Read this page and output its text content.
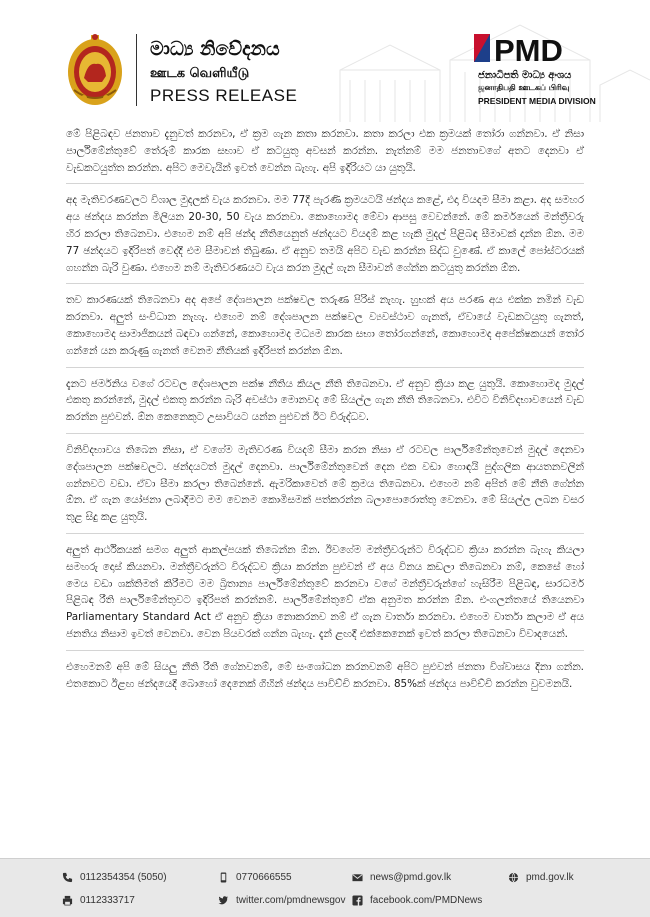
මාධ්‍ය නිවේදනය
ஊடக வெளியீடு
PRESS RELEASE
PMD
ජනාධිපති මාධ්‍ය අංශය
ஜனாதிபதி ஊடகப் பிரிவு
PRESIDENT MEDIA DIVISION

මේ පිළිබඳව ජනතාව දැනුවත් කරනවා, ඒ ක්‍රම ගැන කතා කරනවා. කතා කරලා එක ක්‍රමයක් තෝරා ගන්නවා. ඒ නිසා පාර්ලිමේන්තුවේ තේරුම් කාරක සභාව ඒ කටයුතු අවසන් කරන්න. නැත්නම් මම ජනතාවගේ අතට දෙනවා ඒ වැඩකටයුත්ත කරන්න. අපිට මෙවැයින් ඉවත් වෙන්න බැහැ. අපි ඉදිරියට යා යුතුයි.

අද මැතිවරණවලට විශාල මුදලක් වැය කරනවා. මම 77දී පැරණි ක්‍රමයටයි ඡන්දය කළේ, එදා වියදම සීමා කළා. අද සමහර අය ඡන්දය කරන්න මිලියන 20-30, 50 වැය කරනවා. කොහොමද මේවා ආපසු වෙවන්නේ. මේ කර්මයෙන් මන්ත්‍රීවරු හිර කරලා තිබෙනවා. එහෙම නම් අපි ඡන්ද නීතියෙනුත් ඡන්දයට වියදම් කළ හැකි මුදල් පිළිබඳ සීමාවක් දාන්න ඕන. මම 77 ඡන්දයට ඉදිරිපත් වෙද්දී එම සීමාවන් තිබුණා. ඒ අනුව තමයි අපිට වැඩ කරන්න සිද්ධ වුණේ. ඒ කාලේ පෝස්ටරයක් ගහන්න බැරි වුණා. එහෙම නම් මැතිවරණයට වැය කරන මුදල් ගැන සීමාවන් ගේන්න කටයුතු කරන්න ඕන.

තව කාරණයක් තිබෙනවා අද අපේ දේශපාලන පක්ෂවල තරුණ පිරිස් නැහැ. හුභක් අය පරණ අය එක්ක නමින් වැඩ කරනවා. අලුත් සංවිධාන නැහැ. එහෙම නම් දේශපාලන පක්ෂවල ව්‍යවස්ථාව ගැනත්, ඒවායේ වැඩකටයුතු ගැනත්, කොහොමද සාමාජිකයන් බඳවා ගන්නේ, කොහොමද මධ්‍යම කාරක සභා තෝරගන්නේ, කොහොමද අපේක්ෂකයන් තෝර ගන්නේ යන කරුණු ගැනත් වෙනම නීතියක් ඉදිරිපත් කරන්න ඕන.

දැනට ජර්මනිය වගේ රටවල දේශපාලන පක්ෂ නීතිය කියල නීති තිබෙනවා. ඒ අනුව ක්‍රියා කළ යුතුයි. කොහොමද මුදල් එකතු කරන්නේ, මුදල් එකතු කරන්න බැරි අවස්ථා මොනවද මේ සියල්ල ගැන නීති තිබෙනවා. එවිට විනිවිදභාවයෙන් වැඩ කරන්න පුළුවන්. ඕන කෙනෙකුට උසාවියට යන්න පුළුවන් ඊට විරුද්ධව.

විනිවිදභාවය තිබෙන නිසා, ඒ වගේම මැතිවරණ වියදම් සීමා කරන නිසා ඒ රටවල පාර්ලිමේන්තුවෙන් මුදල් දෙනවා දේශපාලන පක්ෂවලට. ඡන්දයටත් මුදල් දෙනවා. පාර්ලිමේන්තුවෙන් දෙන එක වඩා හොඳයි පුද්ගලික ආයතනවලින් ගන්නවට වඩා. ඒවා සීමා කරලා තිබෙන්නේ. ඇමරිකාවෙත් මේ ක්‍රමය තිබෙනවා. එහෙම නම් අපිත් මේ නීති ගේන්න ඕන. ඒ ගැන යෝජනා ලබාදීමට මම වෙනම කොමිසමක් පත්කරන්න බලාපොරොත්තු වෙනවා. මේ සියල්ල ලබන වසර තුළ සිදු කළ යුතුයි.

අලුත් ආර්ථිකයක් සමග අලුත් ආකල්පයක් තිබෙන්න ඕන. ඊවගේම මන්ත්‍රීවරුන්ට විරුද්ධව ක්‍රියා කරන්න බැහැ කියලා සමහරු දොස් කියනවා. මන්ත්‍රීවරුන්ට විරුද්ධව ක්‍රියා කරන්න පුළුවන් ඒ අය විනය කඩලා තිබෙනවා නම්, කෙසේ හෝ මෙය වඩා ශක්තිමත් කිරීමට මම බ්‍රිතාන්‍ය පාර්ලිමේන්තුවේ කරනවා වගේ මන්ත්‍රීවරුන්ගේ හැසිරීම පිළිබඳ, සාරධර්ම පිළිබඳ රීති පාර්ලිමේන්තුවට ඉදිරිපත් කරන්නම්. පාර්ලිමේන්තුවේ ඒක අනුමත කරන්න ඕන. එංගලන්තයේ තියෙනවා Parliamentary Standard Act ඒ අනුව ක්‍රියා නොකරනව නම් ඒ ගැන වාර්තා කරනවා. එහෙම වාර්තා කලාම ඒ අය ජනතිය නිසාම ඉවත් වෙනවා. වෙන පියවරක් ගන්න බැහැ. දැන් ළඟදී එක්කෙනෙක් ඉවත් කරලා තිබෙනවා විවාදයෙන්.

එහෙමනම් අපි මේ සියලු නීති රීති ගේනවනම්, මේ සංශෝධන කරනවනම් අපිට පුළුවන් ජනතා විශ්වාසය දිනා ගන්න. එතකොට ඊළඟ ඡන්දයෙදී බොහෝ දෙනෙක් ගිහින් ඡන්දය පාවිච්චි කරනවා. 85%ක් ඡන්දය පාවිච්චි කරන්න වුවමනයි.

0112354354 (5050)	0770666555	news@pmd.gov.lk	pmd.gov.lk
0112333717	twitter.com/pmdnewsgov facebook.com/PMDNews
